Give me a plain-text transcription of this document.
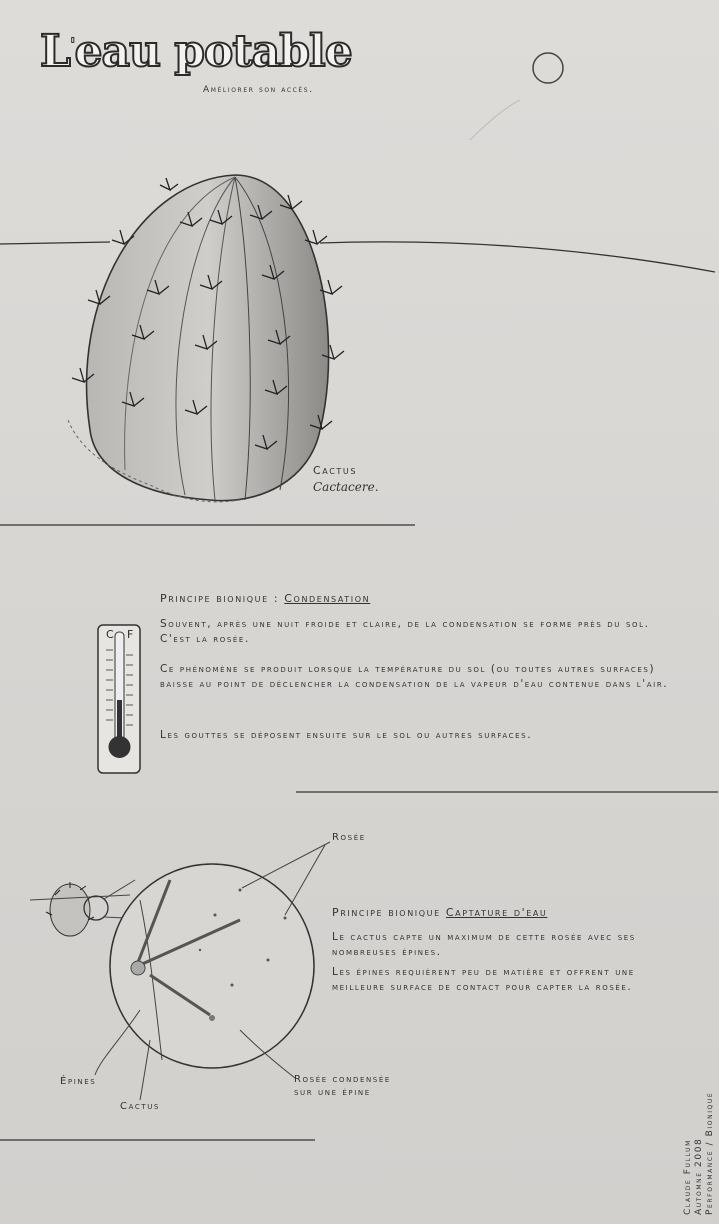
L'eau potable
Améliorer son accès.
Cactus
Cactacere.
Principe bionique : Condensation
Souvent, après une nuit froide et claire, de la condensation se forme près du sol. C'est la rosée.
Ce phénomène se produit lorsque la température du sol (ou toutes autres surfaces) baisse au point de déclencher la condensation de la vapeur d'eau contenue dans l'air.
Les gouttes se déposent ensuite sur le sol ou autres surfaces.
C F
Principe bionique Captature d'eau
Le cactus capte un maximum de cette rosée avec ses nombreuses épines.
Les épines requièrent peu de matière et offrent une meilleure surface de contact pour capter la rosée.
Rosée
Épines
Cactus
Rosée condensée
sur une épine
Claude Fullum Automne 2008 Performance / Bionique
